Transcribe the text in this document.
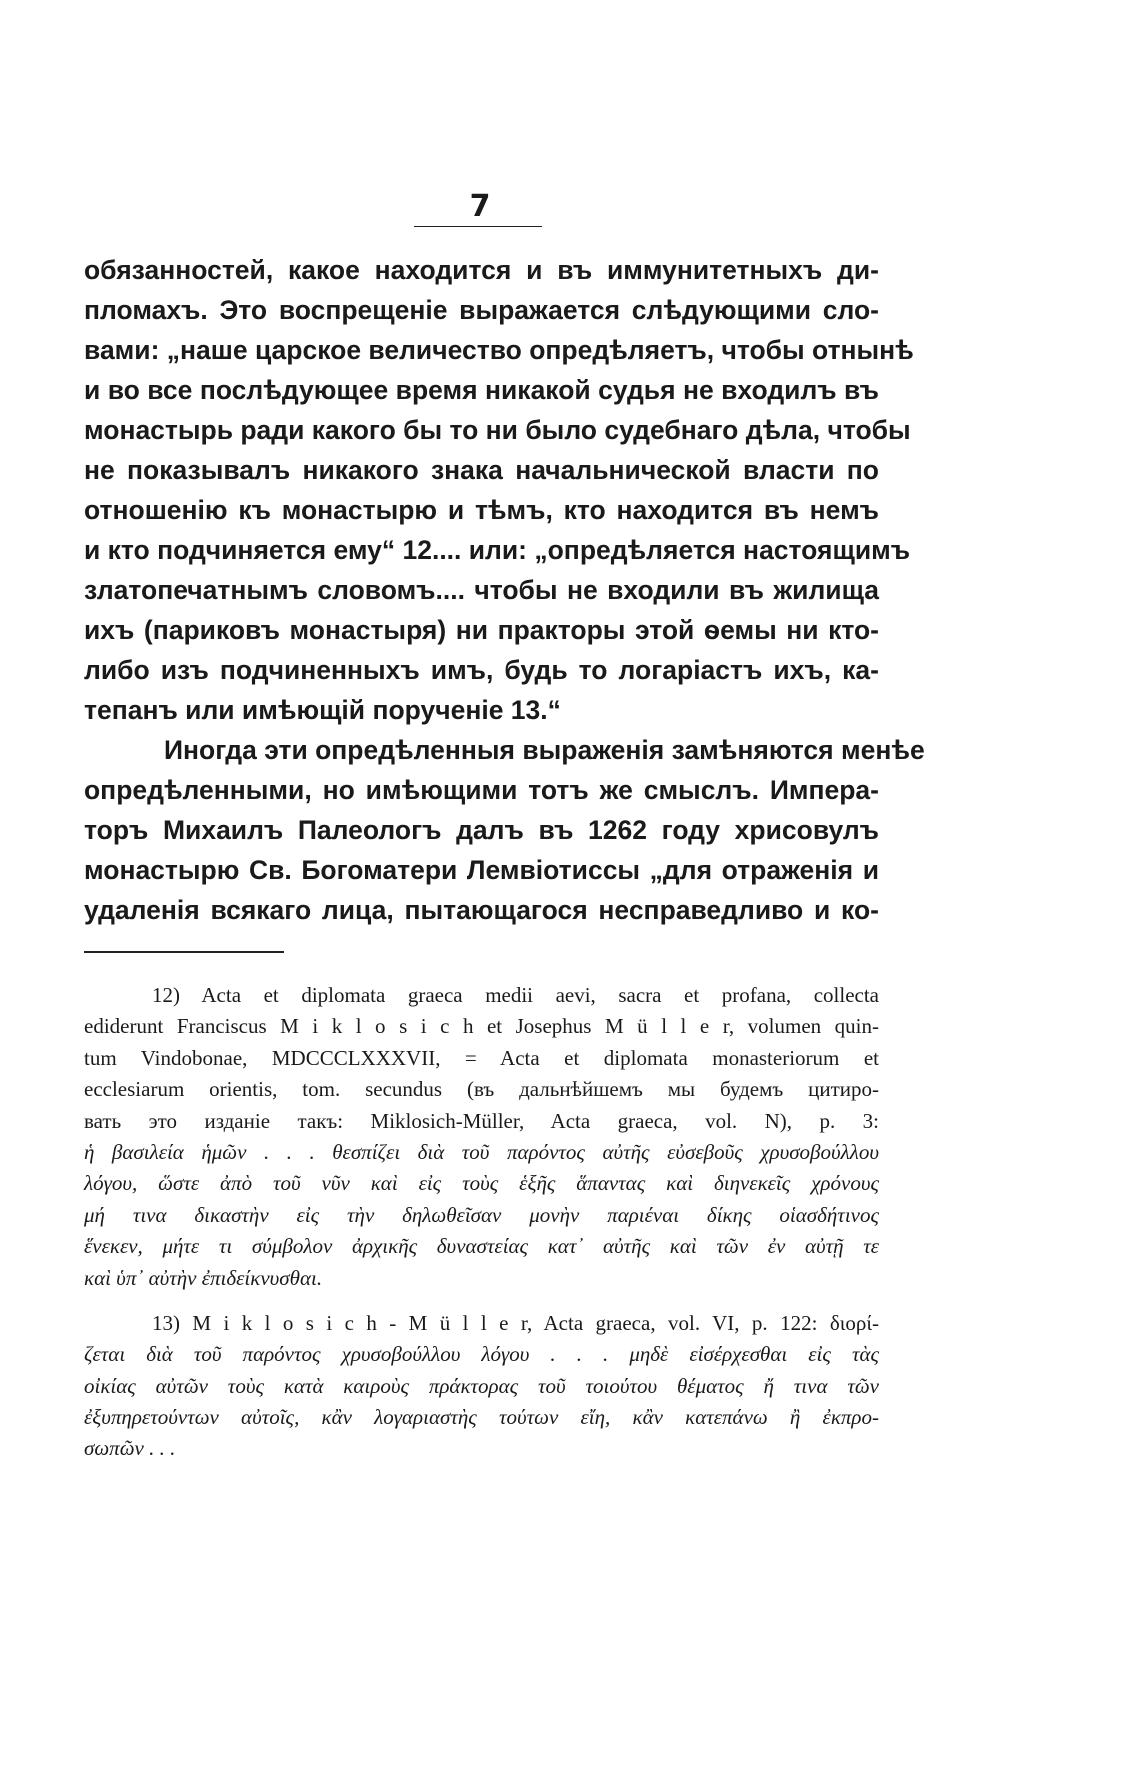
7
обязанностей, какое находится и въ иммунитетныхъ ди-
пломахъ. Это воспрещеніе выражается слѣдующими сло-
вами: „наше царское величество опредѣляетъ, чтобы отнынѣ
и во все послѣдующее время никакой судья не входилъ въ
монастырь ради какого бы то ни было судебнаго дѣла, чтобы
не показывалъ никакого знака начальнической власти по
отношенію къ монастырю и тѣмъ, кто находится въ немъ
и кто подчиняется ему“ 12.... или: „опредѣляется настоящимъ
златопечатнымъ словомъ.... чтобы не входили въ жилища
ихъ (париковъ монастыря) ни практоры этой ѳемы ни кто-
либо изъ подчиненныхъ имъ, будь то логаріастъ ихъ, ка-
тепанъ или имѣющій порученіе 13.“
Иногда эти опредѣленныя выраженія замѣняются менѣе
опредѣленными, но имѣющими тотъ же смыслъ. Импера-
торъ Михаилъ Палеологъ далъ въ 1262 году хрисовулъ
монастырю Св. Богоматери Лемвіотиссы „для отраженія и
удаленія всякаго лица, пытающагося несправедливо и ко-
12) Acta et diplomata graeca medii aevi, sacra et profana, collecta
ediderunt Franciscus M i k l o s i c h et Josephus M ü l l e r, volumen quin-
tum Vindobonae, MDCCCLXXXVII, = Acta et diplomata monasteriorum et
ecclesiarum orientis, tom. secundus (въ дальнѣйшемъ мы будемъ цитиро-
вать это изданіе такъ: Miklosich-Müller, Acta graeca, vol. N), p. 3:
ἡ βασιλεία ἡμῶν . . . θεσπίζει διὰ τοῦ παρόντος αὐτῆς εὐσεβοῦς χρυσοβούλλου
λόγου, ὥστε ἀπὸ τοῦ νῦν καὶ εἰς τοὺς ἑξῆς ἅπαντας καὶ διηνεκεῖς χρόνους
μή τινα δικαστὴν εἰς τὴν δηλωθεῖσαν μονὴν παριέναι δίκης οἱασδήτινος
ἕνεκεν, μήτε τι σύμβολον ἀρχικῆς δυναστείας κατ᾽ αὐτῆς καὶ τῶν ἐν αὐτῇ τε
καὶ ὑπ᾽ αὐτὴν ἐπιδείκνυσθαι.
13) M i k l o s i c h - M ü l l e r, Acta graeca, vol. VI, p. 122: διορί-
ζεται διὰ τοῦ παρόντος χρυσοβούλλου λόγου . . . μηδὲ εἰσέρχεσθαι εἰς τὰς
οἰκίας αὐτῶν τοὺς κατὰ καιροὺς πράκτορας τοῦ τοιούτου θέματος ἤ τινα τῶν
ἐξυπηρετούντων αὐτοῖς, κἂν λογαριαστὴς τούτων εἴη, κἂν κατεπάνω ἢ ἐκπρο-
σωπῶν . . .
